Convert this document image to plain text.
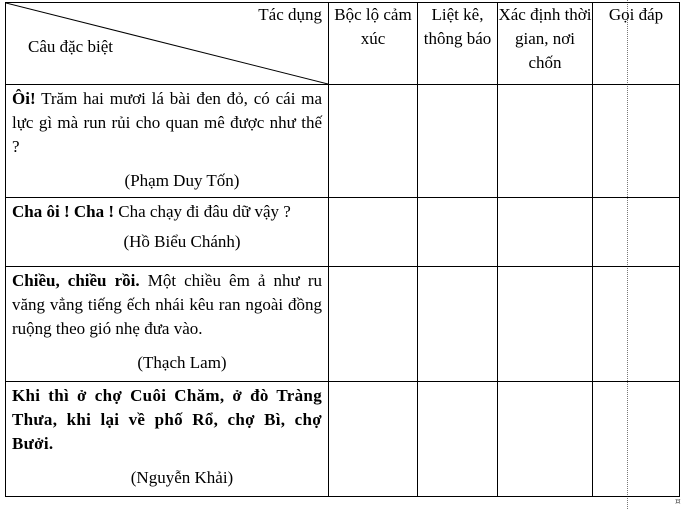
Tác dụng
Câu đặc biệt	Bộc lộ cảm xúc	Liệt kê, thông báo	Xác định thời gian, nơi chốn	Gọi đáp
Ôi! Trăm hai mươi lá bài đen đỏ, có cái ma lực gì mà run rủi cho quan mê được như thế ?
(Phạm Duy Tốn)				

Cha ôi ! Cha ! Cha chạy đi đâu dữ vậy ?
(Hồ Biểu Chánh)				

Chiều, chiều rồi. Một chiều êm ả như ru văng vẳng tiếng ếch nhái kêu ran ngoài đồng ruộng theo gió nhẹ đưa vào.
(Thạch Lam)				

Khi thì ở chợ Cuôi Chăm, ở đò Tràng Thưa, khi lại về phố Rổ, chợ Bì, chợ Bưởi.
(Nguyễn Khải)				

¤
